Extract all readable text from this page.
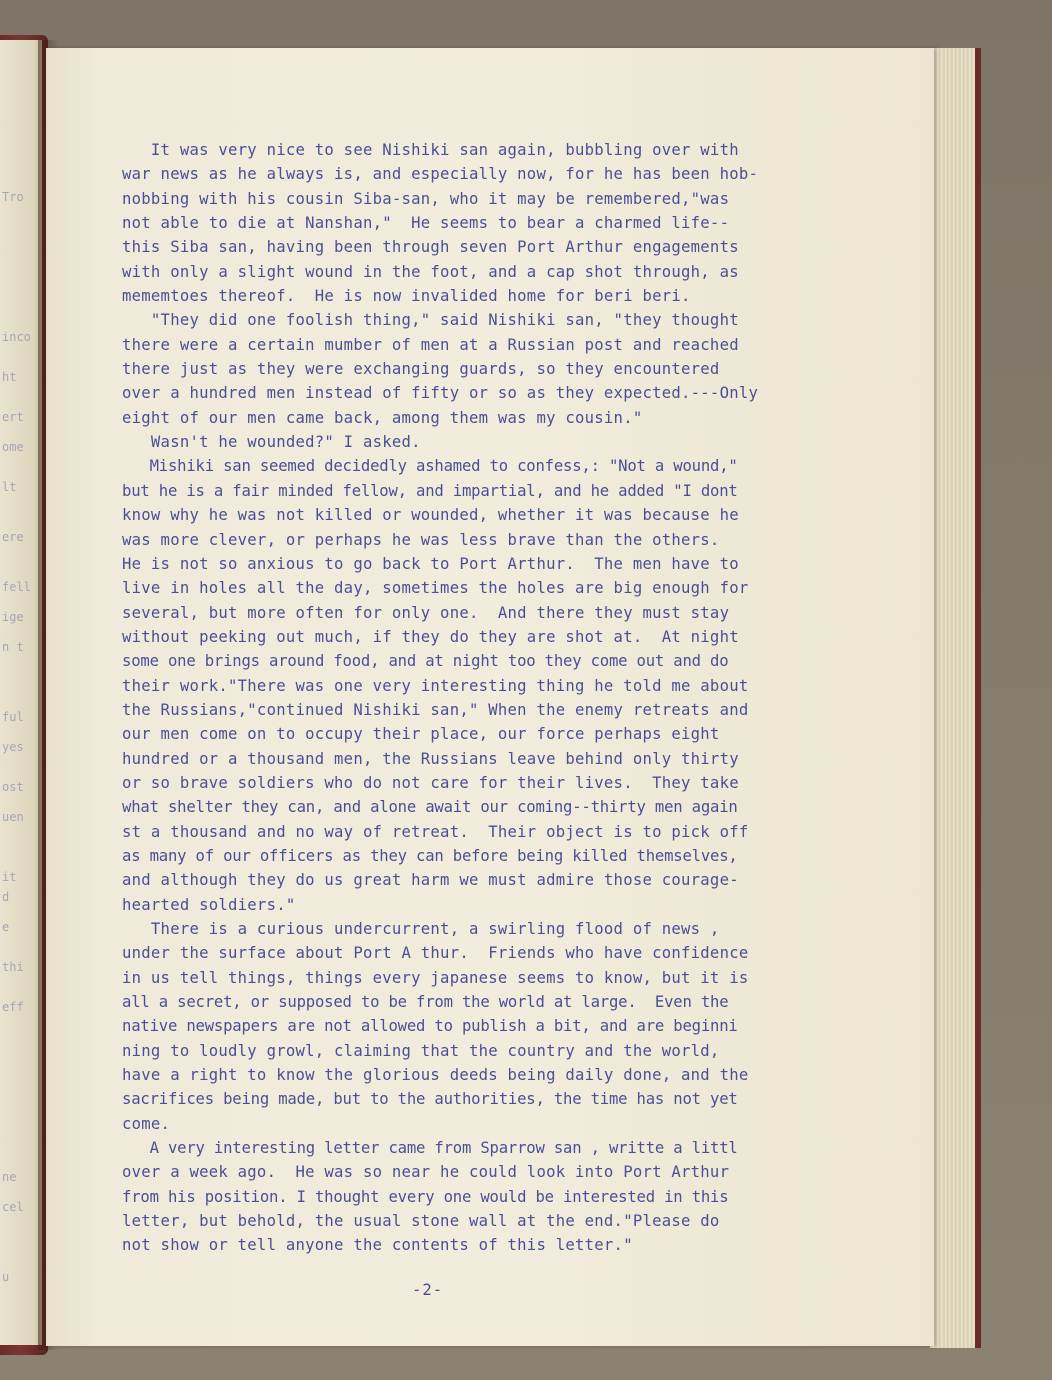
Tro
inco
ht
ert
ome
lt
ere
fell
ige
n t
ful
yes
ost
uen
it
d
e
thi
eff
ne
cel
u
It was very nice to see Nishiki san again, bubbling over with
war news as he always is, and especially now, for he has been hob-
nobbing with his cousin Siba-san, who it may be remembered,"was
not able to die at Nanshan,"  He seems to bear a charmed life--
this Siba san, having been through seven Port Arthur engagements
with only a slight wound in the foot, and a cap shot through, as
mememtoes thereof.  He is now invalided home for beri beri.
"They did one foolish thing," said Nishiki san, "they thought
there were a certain mumber of men at a Russian post and reached
there just as they were exchanging guards, so they encountered
over a hundred men instead of fifty or so as they expected.---Only
eight of our men came back, among them was my cousin."
Wasn't he wounded?" I asked.
Mishiki san seemed decidedly ashamed to confess,: "Not a wound,"
but he is a fair minded fellow, and impartial, and he added "I dont
know why he was not killed or wounded, whether it was because he
was more clever, or perhaps he was less brave than the others.
He is not so anxious to go back to Port Arthur.  The men have to
live in holes all the day, sometimes the holes are big enough for
several, but more often for only one.  And there they must stay
without peeking out much, if they do they are shot at.  At night
some one brings around food, and at night too they come out and do
their work."There was one very interesting thing he told me about
the Russians,"continued Nishiki san," When the enemy retreats and
our men come on to occupy their place, our force perhaps eight
hundred or a thousand men, the Russians leave behind only thirty
or so brave soldiers who do not care for their lives.  They take
what shelter they can, and alone await our coming--thirty men again
st a thousand and no way of retreat.  Their object is to pick off
as many of our officers as they can before being killed themselves,
and although they do us great harm we must admire those courage-
hearted soldiers."
There is a curious undercurrent, a swirling flood of news ,
under the surface about Port A thur.  Friends who have confidence
in us tell things, things every japanese seems to know, but it is
all a secret, or supposed to be from the world at large.  Even the
native newspapers are not allowed to publish a bit, and are beginni
ning to loudly growl, claiming that the country and the world,
have a right to know the glorious deeds being daily done, and the
sacrifices being made, but to the authorities, the time has not yet
come.
A very interesting letter came from Sparrow san , writte a littl
over a week ago.  He was so near he could look into Port Arthur
from his position. I thought every one would be interested in this
letter, but behold, the usual stone wall at the end."Please do
not show or tell anyone the contents of this letter."
-2-
